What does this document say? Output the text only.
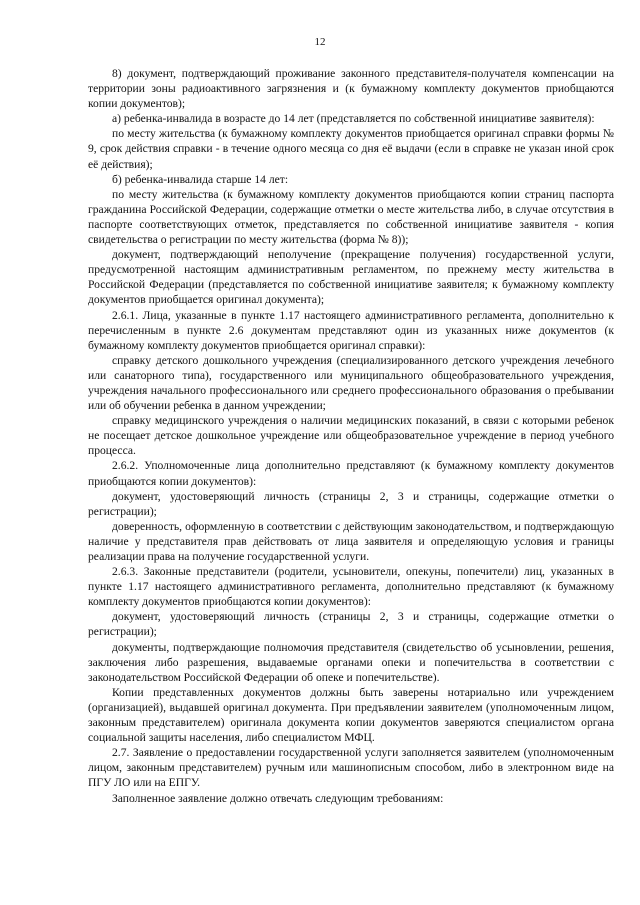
12

8) документ, подтверждающий проживание законного представителя-получателя компенсации на территории зоны радиоактивного загрязнения и (к бумажному комплекту документов приобщаются копии документов);

а) ребенка-инвалида в возрасте до 14 лет (представляется по собственной инициативе заявителя):

по месту жительства (к бумажному комплекту документов приобщается оригинал справки формы № 9, срок действия справки - в течение одного месяца со дня её выдачи (если в справке не указан иной срок её действия);

б) ребенка-инвалида старше 14 лет:

по месту жительства (к бумажному комплекту документов приобщаются копии страниц паспорта гражданина Российской Федерации, содержащие отметки о месте жительства либо, в случае отсутствия в паспорте соответствующих отметок, представляется по собственной инициативе заявителя - копия свидетельства о регистрации по месту жительства (форма № 8));

документ, подтверждающий неполучение (прекращение получения) государственной услуги, предусмотренной настоящим административным регламентом, по прежнему месту жительства в Российской Федерации (представляется по собственной инициативе заявителя; к бумажному комплекту документов приобщается оригинал документа);

2.6.1. Лица, указанные в пункте 1.17 настоящего административного регламента, дополнительно к перечисленным в пункте 2.6 документам представляют один из указанных ниже документов (к бумажному комплекту документов приобщается оригинал справки):

справку детского дошкольного учреждения (специализированного детского учреждения лечебного или санаторного типа), государственного или муниципального общеобразовательного учреждения, учреждения начального профессионального или среднего профессионального образования о пребывании или об обучении ребенка в данном учреждении;

справку медицинского учреждения о наличии медицинских показаний, в связи с которыми ребенок не посещает детское дошкольное учреждение или общеобразовательное учреждение в период учебного процесса.

2.6.2. Уполномоченные лица дополнительно представляют (к бумажному комплекту документов приобщаются копии документов):

документ, удостоверяющий личность (страницы 2, 3 и страницы, содержащие отметки о регистрации);

доверенность, оформленную в соответствии с действующим законодательством, и подтверждающую наличие у представителя прав действовать от лица заявителя и определяющую условия и границы реализации права на получение государственной услуги.

2.6.3. Законные представители (родители, усыновители, опекуны, попечители) лиц, указанных в пункте 1.17 настоящего административного регламента, дополнительно представляют (к бумажному комплекту документов приобщаются копии документов):

документ, удостоверяющий личность (страницы 2, 3 и страницы, содержащие отметки о регистрации);

документы, подтверждающие полномочия представителя (свидетельство об усыновлении, решения, заключения либо разрешения, выдаваемые органами опеки и попечительства в соответствии с законодательством Российской Федерации об опеке и попечительстве).

Копии представленных документов должны быть заверены нотариально или учреждением (организацией), выдавшей оригинал документа. При предъявлении заявителем (уполномоченным лицом, законным представителем) оригинала документа копии документов заверяются специалистом органа социальной защиты населения, либо специалистом МФЦ.

2.7. Заявление о предоставлении государственной услуги заполняется заявителем (уполномоченным лицом, законным представителем) ручным или машинописным способом, либо в электронном виде на ПГУ ЛО или на ЕПГУ.

Заполненное заявление должно отвечать следующим требованиям:
